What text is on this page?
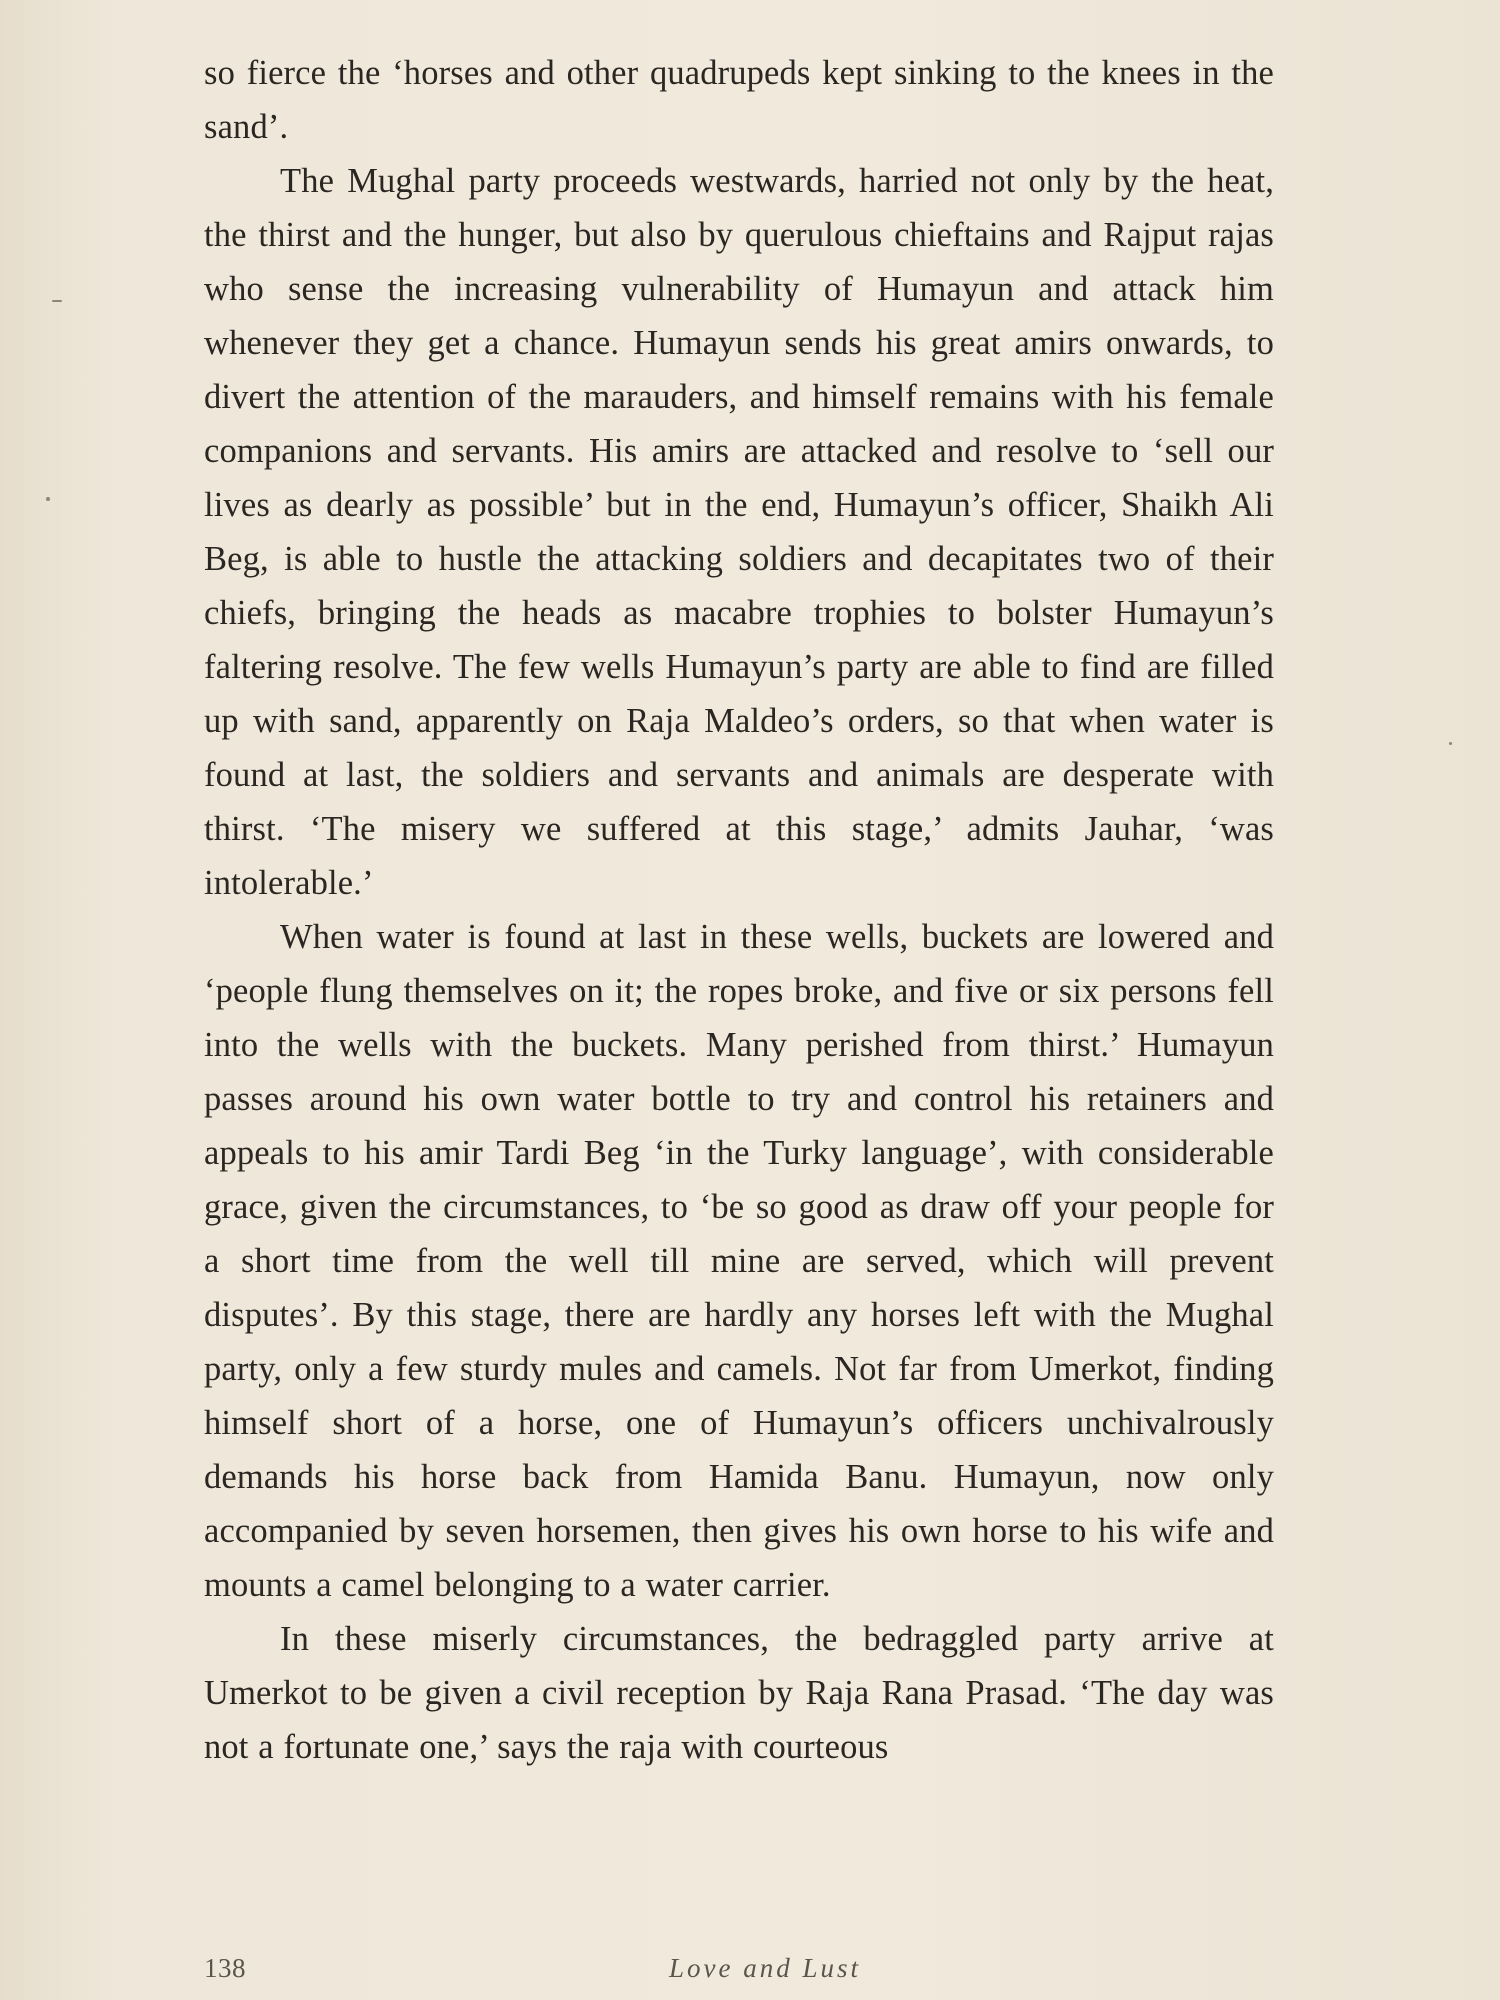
so fierce the ‘horses and other quadrupeds kept sinking to the knees in the sand’.

The Mughal party proceeds westwards, harried not only by the heat, the thirst and the hunger, but also by querulous chieftains and Rajput rajas who sense the increasing vulnerability of Humayun and attack him whenever they get a chance. Humayun sends his great amirs onwards, to divert the attention of the marauders, and himself remains with his female companions and servants. His amirs are attacked and resolve to ‘sell our lives as dearly as possible’ but in the end, Humayun’s officer, Shaikh Ali Beg, is able to hustle the attacking soldiers and decapitates two of their chiefs, bringing the heads as macabre trophies to bolster Humayun’s faltering resolve. The few wells Humayun’s party are able to find are filled up with sand, apparently on Raja Maldeo’s orders, so that when water is found at last, the soldiers and servants and animals are desperate with thirst. ‘The misery we suffered at this stage,’ admits Jauhar, ‘was intolerable.’

When water is found at last in these wells, buckets are lowered and ‘people flung themselves on it; the ropes broke, and five or six persons fell into the wells with the buckets. Many perished from thirst.’ Humayun passes around his own water bottle to try and control his retainers and appeals to his amir Tardi Beg ‘in the Turky language’, with considerable grace, given the circumstances, to ‘be so good as draw off your people for a short time from the well till mine are served, which will prevent disputes’. By this stage, there are hardly any horses left with the Mughal party, only a few sturdy mules and camels. Not far from Umerkot, finding himself short of a horse, one of Humayun’s officers unchivalrously demands his horse back from Hamida Banu. Humayun, now only accompanied by seven horsemen, then gives his own horse to his wife and mounts a camel belonging to a water carrier.

In these miserly circumstances, the bedraggled party arrive at Umerkot to be given a civil reception by Raja Rana Prasad. ‘The day was not a fortunate one,’ says the raja with courteous

138	Love and Lust
